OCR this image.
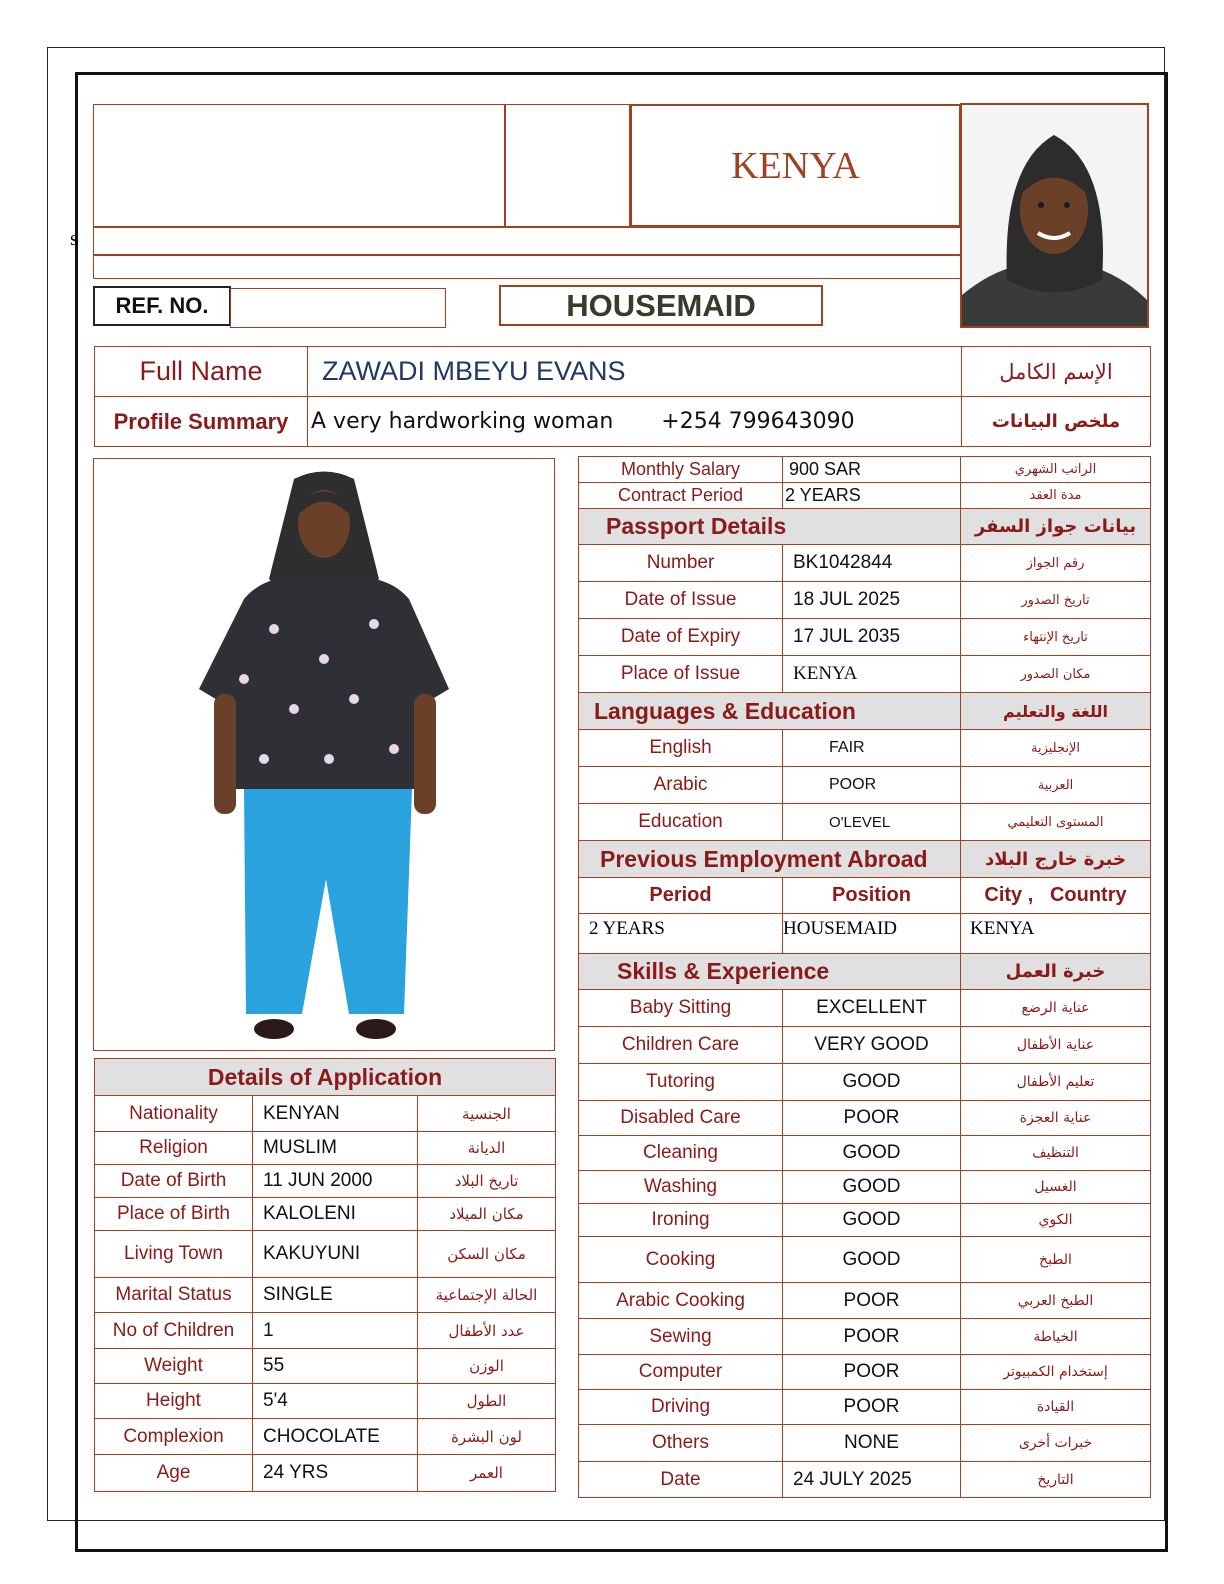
s
KENYA
REF. NO.	HOUSEMAID
Full Name	ZAWADI MBEYU EVANS	الإسم الكامل
Profile Summary	A very hardworking woman +254 799643090	ملخص البيانات
Details of Application		
Nationality	KENYAN	الجنسية
Religion	MUSLIM	الديانة
Date of Birth	11 JUN 2000	تاريخ البلاد
Place of Birth	KALOLENI	مكان الميلاد
Living Town	KAKUYUNI	مكان السكن
Marital Status	SINGLE	الحالة الإجتماعية
No of Children	1	عدد الأطفال
Weight	55	الوزن
Height	5'4	الطول
Complexion	CHOCOLATE	لون البشرة
Age	24 YRS	العمر
Monthly Salary	900 SAR	الراتب الشهري
Contract Period	2 YEARS	مدة العقد
Passport Details		بيانات جواز السفر
Number	BK1042844	رقم الجواز
Date of Issue	18 JUL 2025	تاريخ الصدور
Date of Expiry	17 JUL 2035	تاريخ الإنتهاء
Place of Issue	KENYA	مكان الصدور
Languages & Education		اللغة والتعليم
English	FAIR	الإنجليزية
Arabic	POOR	العربية
Education	O'LEVEL	المستوى التعليمي
Previous Employment Abroad		خبرة خارج البلاد
Period	Position	City ,   Country
2 YEARS	HOUSEMAID	KENYA
Skills & Experience		خبرة العمل
Baby Sitting	EXCELLENT	عناية الرضع
Children Care	VERY GOOD	عناية الأطفال
Tutoring	GOOD	تعليم الأطفال
Disabled Care	POOR	عناية العجزة
Cleaning	GOOD	التنظيف
Washing	GOOD	الغسيل
Ironing	GOOD	الكوي
Cooking	GOOD	الطبخ
Arabic Cooking	POOR	الطبخ العربي
Sewing	POOR	الخياطة
Computer	POOR	إستخدام الكمبيوتر
Driving	POOR	القيادة
Others	NONE	خبرات أخرى
Date	24 JULY 2025	التاريخ
